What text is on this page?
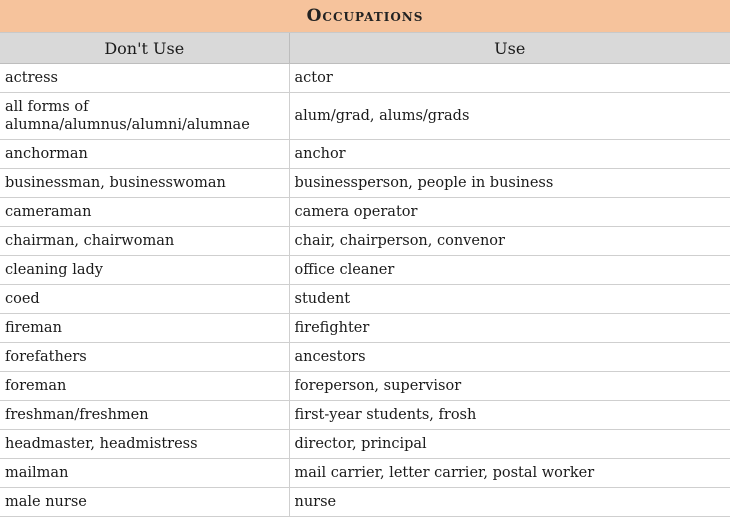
Occupations
Don't Use	Use
actress	actor
all forms of
alumna/alumnus/alumni/alumnae	alum/grad, alums/grads
anchorman	anchor
businessman, businesswoman	businessperson, people in business
cameraman	camera operator
chairman, chairwoman	chair, chairperson, convenor
cleaning lady	office cleaner
coed	student
fireman	firefighter
forefathers	ancestors
foreman	foreperson, supervisor
freshman/freshmen	first-year students, frosh
headmaster, headmistress	director, principal
mailman	mail carrier, letter carrier, postal worker
male nurse	nurse
